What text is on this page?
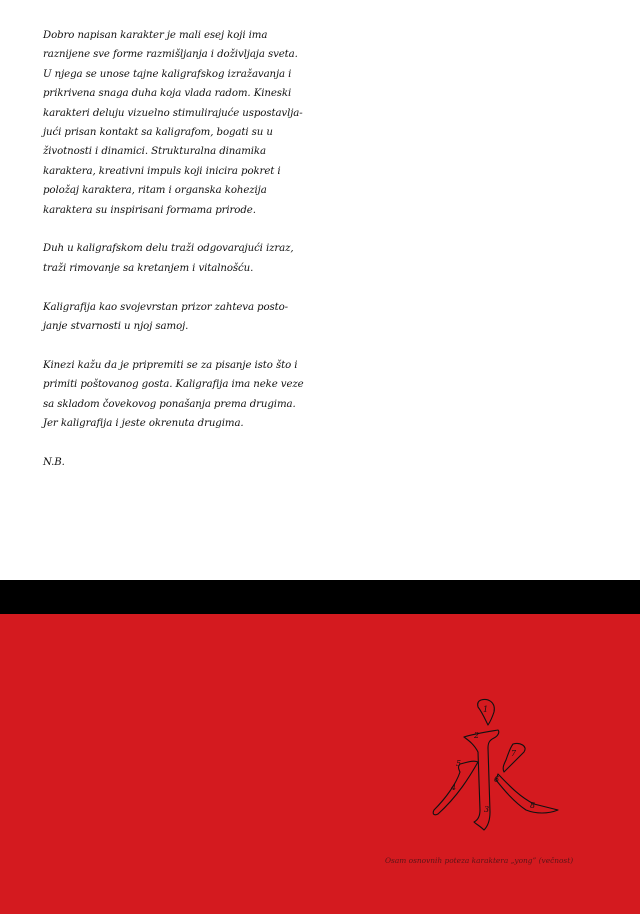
Dobro napisan karakter je mali esej koji ima
raznijene sve forme razmišljanja i doživljaja sveta.
U njega se unose tajne kaligrafskog izražavanja i
prikrivena snaga duha koja vlada radom. Kineski
karakteri deluju vizuelno stimulirajuće uspostavlja-
jući prisan kontakt sa kaligrafom, bogati su u
životnosti i dinamici. Strukturalna dinamika
karaktera, kreativni impuls koji inicira pokret i
položaj karaktera, ritam i organska kohezija
karaktera su inspirisani formama prirode.
Duh u kaligrafskom delu traži odgovarajući izraz,
traži rimovanje sa kretanjem i vitalnošću.
Kaligrafija kao svojevrstan prizor zahteva posto-
janje stvarnosti u njoj samoj.
Kinezi kažu da je pripremiti se za pisanje isto što i
primiti poštovanog gosta. Kaligrafija ima neke veze
sa skladom čovekovog ponašanja prema drugima.
Jer kaligrafija i jeste okrenuta drugima.
N.B.
1
2
3
4
5
6
7
8
Osam osnovnih poteza karaktera „yong” (večnost)
